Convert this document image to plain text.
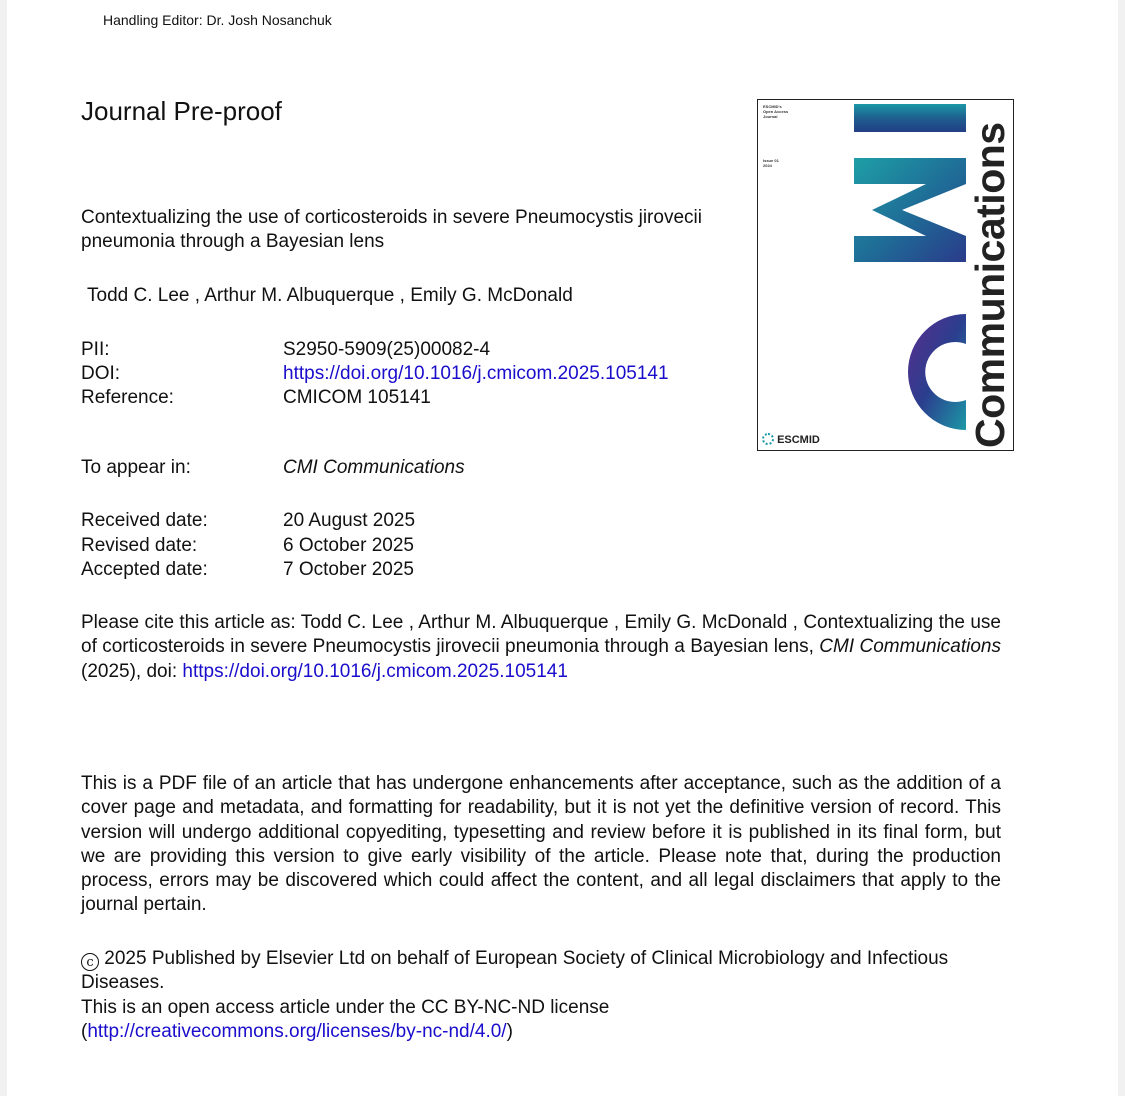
Handling Editor: Dr. Josh Nosanchuk
Journal Pre-proof
Contextualizing the use of corticosteroids in severe Pneumocystis jirovecii pneumonia through a Bayesian lens
Todd C. Lee , Arthur M. Albuquerque , Emily G. McDonald
PII:	S2950-5909(25)00082-4
DOI:	https://doi.org/10.1016/j.cmicom.2025.105141
Reference:	CMICOM 105141
To appear in:	CMI Communications
Received date:	20 August 2025
Revised date:	6 October 2025
Accepted date:	7 October 2025
Please cite this article as: Todd C. Lee , Arthur M. Albuquerque , Emily G. McDonald , Contextualizing the use of corticosteroids in severe Pneumocystis jirovecii pneumonia through a Bayesian lens, CMI Communications (2025), doi: https://doi.org/10.1016/j.cmicom.2025.105141
This is a PDF file of an article that has undergone enhancements after acceptance, such as the addition of a cover page and metadata, and formatting for readability, but it is not yet the definitive version of record. This version will undergo additional copyediting, typesetting and review before it is published in its final form, but we are providing this version to give early visibility of the article. Please note that, during the production process, errors may be discovered which could affect the content, and all legal disclaimers that apply to the journal pertain.
c 2025 Published by Elsevier Ltd on behalf of European Society of Clinical Microbiology and Infectious Diseases.
This is an open access article under the CC BY-NC-ND license
(http://creativecommons.org/licenses/by-nc-nd/4.0/)
ESCMID's
Open Access
Journal
Issue 01
2024	Communications
ESCMID
